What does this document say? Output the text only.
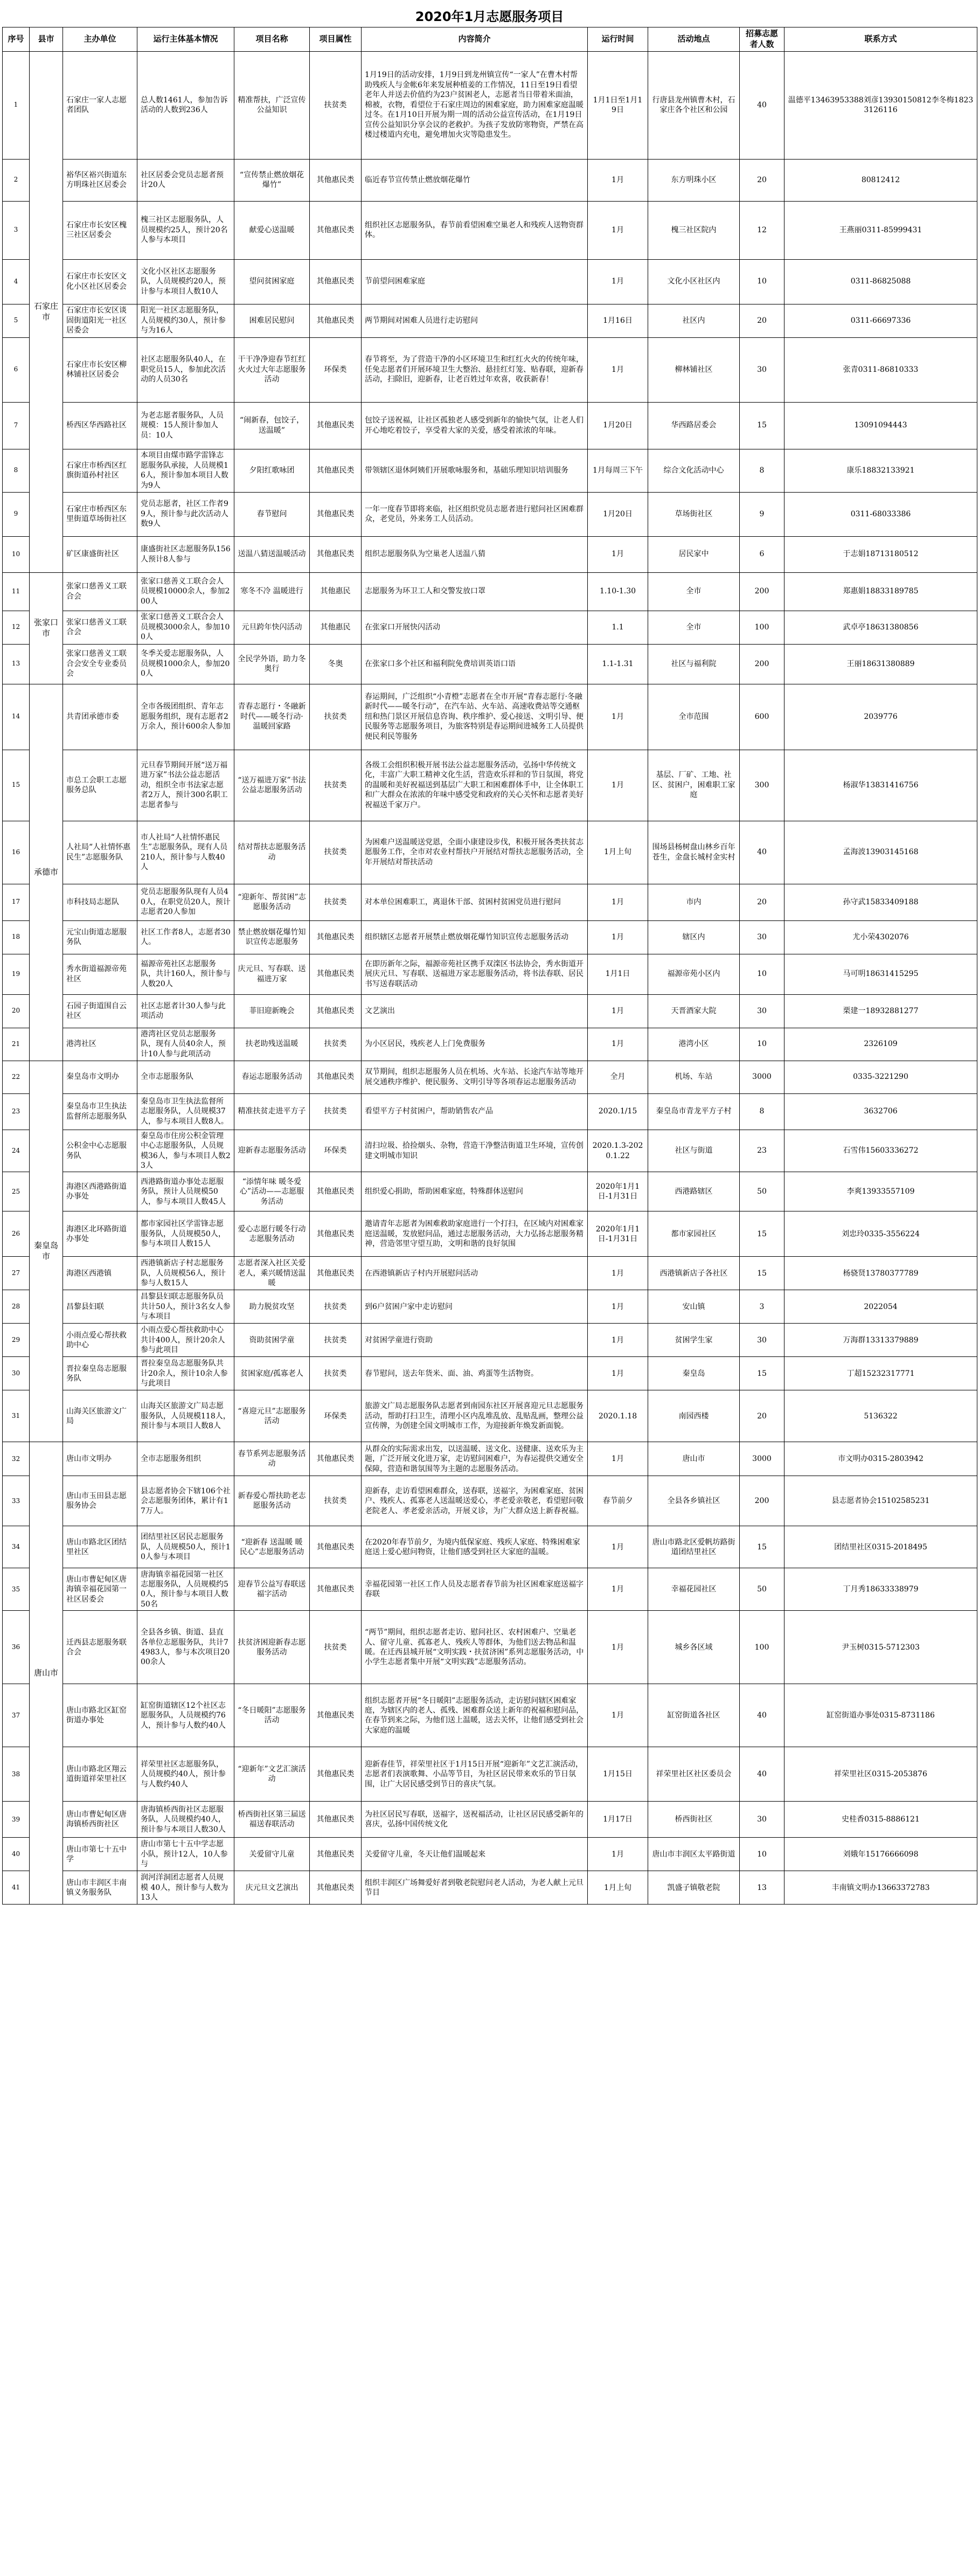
2020年1月志愿服务项目
序号	县市	主办单位	运行主体基本情况	项目名称	项目属性	内容简介	运行时间	活动地点	招募志愿者人数	联系方式
1	石家庄市	石家庄一家人志愿者团队	总人数1461人，参加告诉活动的人数到236人	精准帮扶，广泛宣传公益知识	扶贫类	1月19日的活动安排，1月9日到龙州镇宣传“一家人”在曹木村帮助残疾人与金帐6年来发展种植姜的工作情况，11日至19日看望老年人并送去价值约为23户贫困老人，志愿者当日带着米面油，棉被，衣物，看望位于石家庄周边的困难家庭，助力困难家庭温暖过冬。在1月10日开展为期一周的活动公益宣传活动，在1月19日宣传公益知识分享会议的老救护。为孩子发放防寒物资，严禁在高楼过楼道内充电，避免增加火灾等隐患发生。	1月1日至1月19日	行唐县龙州镇曹木村，石家庄各个社区和公园	40	温德平13463953388刘彦13930150812李冬梅18233126116
2		裕华区裕兴街道东方明珠社区居委会	社区居委会党员志愿者预计20人	“宣传禁止燃放烟花爆竹”	其他惠民类	临近春节宣传禁止燃放烟花爆竹	1月	东方明珠小区	20	80812412
3		石家庄市长安区槐三社区居委会	槐三社区志愿服务队，人员规模约25人，预计20名人参与本项目	献爱心送温暖	其他惠民类	组织社区志愿服务队，春节前看望困难空巢老人和残疾人送物资群体。	1月	槐三社区院内	12	王燕丽0311-85999431
4		石家庄市长安区文化小区社区居委会	文化小区社区志愿服务队，人员规模约20人，预计参与本项目人数10人	望问贫困家庭	其他惠民类	节前望问困难家庭	1月	文化小区社区内	10	0311-86825088
5		石家庄市长安区谈固街道阳光一社区居委会	阳光一社区志愿服务队，人员规模约30人，预计参与为16人	困难居民慰问	其他惠民类	两节期间对困难人员进行走访慰问	1月16日	社区内	20	0311-66697336
6		石家庄市长安区柳林铺社区居委会	社区志愿服务队40人，在职党员15人，参加此次活动的人员30名	干干净净迎春节红红火火过大年志愿服务活动	环保类	春节将至，为了营造干净的小区环境卫生和红红火火的传统年味，任免志愿者们开展环境卫生大整治、悬挂红灯笼、贴春联，迎新春活动，扫除旧，迎新春，让老百姓过年欢喜，收获新春！	1月	柳林铺社区	30	张青0311-86810333
7		桥西区华西路社区	为老志愿者服务队，人员规模：15人预计参加人员：10人	“闹新春，包饺子，送温暖”	其他惠民类	包饺子送祝福，让社区孤独老人感受到新年的愉快气氛，让老人们开心地吃着饺子，享受着大家的关爱，感受着浓浓的年味。	1月20日	华西路居委会	15	13091094443
8		石家庄市桥西区红旗街道孙村社区	本项目由煤市路学雷锋志愿服务队承接，人员规模16人，预计参加本项目人数为9人	夕阳红歌咏团	其他惠民类	带领辖区退休阿姨们开展歌咏服务和，基础乐理知识培训服务	1月每周三下午	综合文化活动中心	8	康乐18832133921
9		石家庄市桥西区东里街道草场街社区	党员志愿者，社区工作者99人，预计参与此次活动人数9人	春节慰问	其他惠民类	一年一度春节即将来临，社区组织党员志愿者进行慰问社区困难群众，老党员，外来务工人员活动。	1月20日	草场街社区	9	0311-68033386
10		矿区康盛街社区	康盛街社区志愿服务队156人预计8人参与	送温八猜送温暖活动	其他惠民类	组织志愿服务队为空巢老人送温八猜	1月	居民家中	6	于志娟18713180512
11	张家口市	张家口慈善义工联合会	张家口慈善义工联合会人员规模10000余人，参加200人	寒冬不冷 温暖进行	其他惠民	志愿服务为环卫工人和交警发放口罩	1.10-1.30	全市	200	郑惠娟18833189785
12		张家口慈善义工联合会	张家口慈善义工联合会人员规模3000余人，参加100人	元旦跨年快闪活动	其他惠民	在张家口开展快闪活动	1.1	全市	100	武卓亭18631380856
13		张家口慈善义工联合会安全专业委员会	冬季关爱志愿服务队，人员规模1000余人，参加200人	全民学外语，助力冬奥行	冬奥	在张家口多个社区和福利院免费培训英语口语	1.1-1.31	社区与福利院	200	王丽18631380889
14	承德市	共青团承德市委	全市各级团组织、青年志愿服务组织，现有志愿者2万余人，预计600余人参加	青春志愿行・冬融新时代——暖冬行动·温暖回家路	扶贫类	春运期间，广泛组织“小青橙”志愿者在全市开展“青春志愿行·冬融新时代——暖冬行动”，在汽车站、火车站、高速收费站等交通枢纽和热门景区开展信息咨询、秩序维护、爱心接送、文明引导、便民服务等志愿服务项目，为旅客特别是春运期间进城务工人员提供便民利民等服务	1月	全市范围	600	2039776
15		市总工会职工志愿服务总队	元旦春节期间开展“送万福进万家”书法公益志愿活动，组织全市书法家志愿者2万人，预计300名职工志愿者参与	“送万福进万家”书法公益志愿服务活动	扶贫类	各级工会组织积极开展书法公益志愿服务活动，弘扬中华传统文化，丰富广大职工精神文化生活，营造欢乐祥和的节日氛围，将党的温暖和美好祝福送到基层广大职工和困难群体手中，让全体职工和广大群众在浓浓的年味中感受党和政府的关心关怀和志愿者美好祝福送千家万户。	1月	基层、厂矿、工地、社区、贫困户，困难职工家庭	300	杨淑华13831416756
16		人社局“人社情怀惠民生”志愿服务队	市人社局“人社情怀惠民生”志愿服务队，现有人员210人，预计参与人数40人	结对帮扶志愿服务活动	扶贫类	为困难户送温暖送党恩，全面小康建设步伐，积极开展各类扶贫志愿服务工作，全市对农业村帮扶户开展结对帮扶志愿服务活动，全年开展结对帮扶活动	1月上旬	围场县杨树盘山林乡百年苍生，金盘长城村金实村	40	孟海波13903145168
17		市科技局志愿队	党员志愿服务队现有人员40人，在职党员20人，预计志愿者20人参加	“迎新年、帮贫困”志愿服务活动	扶贫类	对本单位困难职工，离退休干部、贫困村贫困党员进行慰问	1月	市内	20	孙守武15833409188
18		元宝山街道志愿服务队	社区工作者8人，志愿者30人。	禁止燃放烟花爆竹知识宣传志愿服务	其他惠民类	组织辖区志愿者开展禁止燃放烟花爆竹知识宣传志愿服务活动	1月	辖区内	30	尤小荣4302076
19		秀水街道福源帝苑社区	福源帝苑社区志愿服务队，共计160人，预计参与人数20人	庆元旦、写春联、送福进万家	其他惠民类	在即历新年之际，福源帝苑社区携手双滦区书法协会，秀水街道开展庆元旦、写春联、送福进万家志愿服务活动，将书法春联、居民书写送春联活动	1月1日	福源帝苑小区内	10	马可明18631415295
20		石园子街道围自云社区	社区志愿者计30人参与此项活动	菲旧迎新晚会	其他惠民类	文艺演出	1月	天晋酒家大院	30	栗建一18932881277
21		港湾社区	港湾社区党员志愿服务队，现有人员40余人，预计10人参与此项活动	扶老助残送温暖	扶贫类	为小区居民，残疾老人上门免费服务	1月	港湾小区	10	2326109
22	秦皇岛市	秦皇岛市文明办	全市志愿服务队	春运志愿服务活动	其他惠民类	双节期间，组织志愿服务人员在机场、火车站、长途汽车站等地开展交通秩序维护、便民服务、文明引导等各项春运志愿服务活动	全月	机场、车站	3000	0335-3221290
23		秦皇岛市卫生执法监督所志愿服务队	秦皇岛市卫生执法监督所志愿服务队，人员规模37人，参与本项目人数8人。	精准扶贫走进平方子	扶贫类	看望平方子村贫困户，帮助销售农产品	2020.1/15	秦皇岛市青龙平方子村	8	3632706
24		公积金中心志愿服务队	秦皇岛市住房公积金管理中心志愿服务队，人员规模36人，参与本项目人数23人	迎新春志愿服务活动	环保类	清扫垃圾、拾捡烟头、杂物，营造干净整洁街道卫生环境，宣传创建文明城市知识	2020.1.3-2020.1.22	社区与街道	23	石雪伟15603336272
25		海港区西港路街道办事处	西港路街道办事处志愿服务队，预计人员规模50人，参与本项目人数45人	“添情年味 暖冬爱心”活动——志愿服务活动	其他惠民类	组织爱心捐助，帮助困难家庭，特殊群体送慰问	2020年1月1日-1月31日	西港路辖区	50	李爽13933557109
26		海港区北环路街道办事处	都市家园社区学雷锋志愿服务队，人员规模50人，参与本项目人数15人	爱心志愿行暖冬行动志愿服务活动	其他惠民类	邀请青年志愿者为困难救助家庭进行一个打扫，在区域内对困难家庭送温暖，发放慰问品，通过志愿服务活动，大力弘扬志愿服务精神，营造邻里守望互助，文明和谐的良好氛围	2020年1月1日-1月31日	都市家园社区	15	刘忠玲0335-3556224
27		海港区西港镇	西港镇新店子村志愿服务队，人员规模56人，预计参与人数15人	志愿者深入社区关爱老人，乘兴暖情送温暖	其他惠民类	在西港镇新店子村内开展慰问活动	1月	西港镇新店子各社区	15	杨骁贤13780377789
28		昌黎县妇联	昌黎县妇联志愿服务队员共计50人，预计3名女人参与本项目	助力脱贫攻坚	扶贫类	到6户贫困户家中走访慰问	1月	安山镇	3	2022054
29		小雨点爱心帮扶救助中心	小雨点爱心帮扶救助中心共计400人，预计20余人参与此项目	资助贫困学童	扶贫类	对贫困学童进行资助	1月	贫困学生家	30	万海群13313379889
30		晋拉秦皇岛志愿服务队	晋拉秦皇岛志愿服务队共计20余人，预计10余人参与此项目	贫困家庭/孤寡老人	扶贫类	春节慰问，送去年货米、面、油、鸡蛋等生活物资。	1月	秦皇岛	15	丁超15232317771
31		山海关区旅游文广局	山海关区旅游文广局志愿服务队，人员规模118人，预计参与本项目人数8人	“喜迎元旦”志愿服务活动	环保类	旅游文广局志愿服务队志愿者到南园东社区开展喜迎元旦志愿服务活动，帮助打扫卫生，清理小区内乱堆乱放、乱贴乱画，整理公益宣传牌，为创建全国文明城市工作，为迎接新年焕发新面貌。	2020.1.18	南园西楼	20	5136322
32	唐山市	唐山市文明办	全市志愿服务组织	春节系列志愿服务活动	其他惠民类	从群众的实际需求出发，以送温暖、送文化、送健康、送欢乐为主题，广泛开展文化进万家，走访慰问困难户，为春运提供交通安全保障，营造和谐氛围等为主题的志愿服务活动。	1月	唐山市	3000	市文明办0315-2803942
33		唐山市玉田县志愿服务协会	县志愿者协会下辖106个社会志愿服务团体，累计有17万人。	新春爱心帮扶助老志愿服务活动	扶贫类	迎新春，走访看望困难群众，送春联，送福字，为困难家庭、贫困户、残疾人、孤寡老人送温暖送爱心，孝老爱亲敬老，看望慰问敬老院老人、孝老爱亲活动，开展义诊，为广大群众送上新春祝福。	春节前夕	全县各乡镇社区	200	县志愿者协会15102585231
34		唐山市路北区团结里社区	团结里社区居民志愿服务队，人员规模50人，预计10人参与本项目	“迎新春 送温暖 暖民心”志愿服务活动	其他惠民类	在2020年春节前夕，为境内低保家庭、残疾人家庭、特殊困难家庭送上爱心慰问物资，让他们感受到社区大家庭的温暖。	1月	唐山市路北区爱帆坊路街道团结里社区	15	团结里社区0315-2018495
35		唐山市曹妃甸区唐海镇幸福花园第一社区居委会	唐海镇幸福花园第一社区志愿服务队，人员规模约50人，预计参与本项目人数50名	迎春节公益写春联送福字活动	其他惠民类	幸福花园第一社区工作人员及志愿者春节前为社区困难家庭送福字春联	1月	幸福花园社区	50	丁月秀18633338979
36		迁西县志愿服务联合会	全县各乡镇、街道、县直各单位志愿服务队，共计74983人，参与本次项目2000余人	扶贫济困迎新春志愿服务活动	扶贫类	“两节”期间，组织志愿者走访、慰问社区、农村困难户、空巢老人、留守儿童、孤寡老人、残疾人等群体，为他们送去物品和温暖。在迁西县城开展“文明实践・扶贫济困”系列志愿服务活动，中小学生志愿者集中开展“文明实践”志愿服务活动。	1月	城乡各区域	100	尹玉树0315-5712303
37		唐山市路北区缸窑街道办事处	缸窑街道辖区12个社区志愿服务队，人员规模约76人，预计参与人数约40人	“冬日暖阳”志愿服务活动	其他惠民类	组织志愿者开展“冬日暖阳”志愿服务活动，走访慰问辖区困难家庭，为辖区内的老人、孤残、困难群众送上新年的祝福和慰问品，在春节到来之际，为他们送上温暖，送去关怀，让他们感受到社会大家庭的温暖	1月	缸窑街道各社区	40	缸窑街道办事处0315-8731186
38		唐山市路北区翔云道街道祥荣里社区	祥荣里社区志愿服务队，人员规模约40人，预计参与人数约40人	“迎新年”文艺汇演活动	其他惠民类	迎新春佳节，祥荣里社区于1月15日开展“迎新年”文艺汇演活动，志愿者们表演歌舞、小品等节目，为社区居民带来欢乐的节日氛围，让广大居民感受到节日的喜庆气氛。	1月15日	祥荣里社区社区委员会	40	祥荣里社区0315-2053876
39		唐山市曹妃甸区唐海镇桥西街社区	唐海镇桥西街社区志愿服务队，人员规模约40人，预计参与本项目人数30人	桥西街社区第三届送福送春联活动	其他惠民类	为社区居民写春联，送福字，送祝福活动，让社区居民感受新年的喜庆，弘扬中国传统文化	1月17日	桥西街社区	30	史桂香0315-8886121
40		唐山市第七十五中学	唐山市第七十五中学志愿小队，预计12人，10人参与	关爱留守儿童	其他惠民类	关爱留守儿童，冬天让他们温暖起来	1月	唐山市丰润区太平路街道	10	刘娥年15176666098
41		唐山市丰润区丰南镇义务服务队	润河洋洞团志愿者人员规模 40人，预计参与人数为13人	庆元旦文艺演出	其他惠民类	组织丰润区广场舞爱好者到敬老院慰问老人活动，为老人献上元旦节目	1月上旬	凯盛子镇敬老院	13	丰南镇文明办13663372783
